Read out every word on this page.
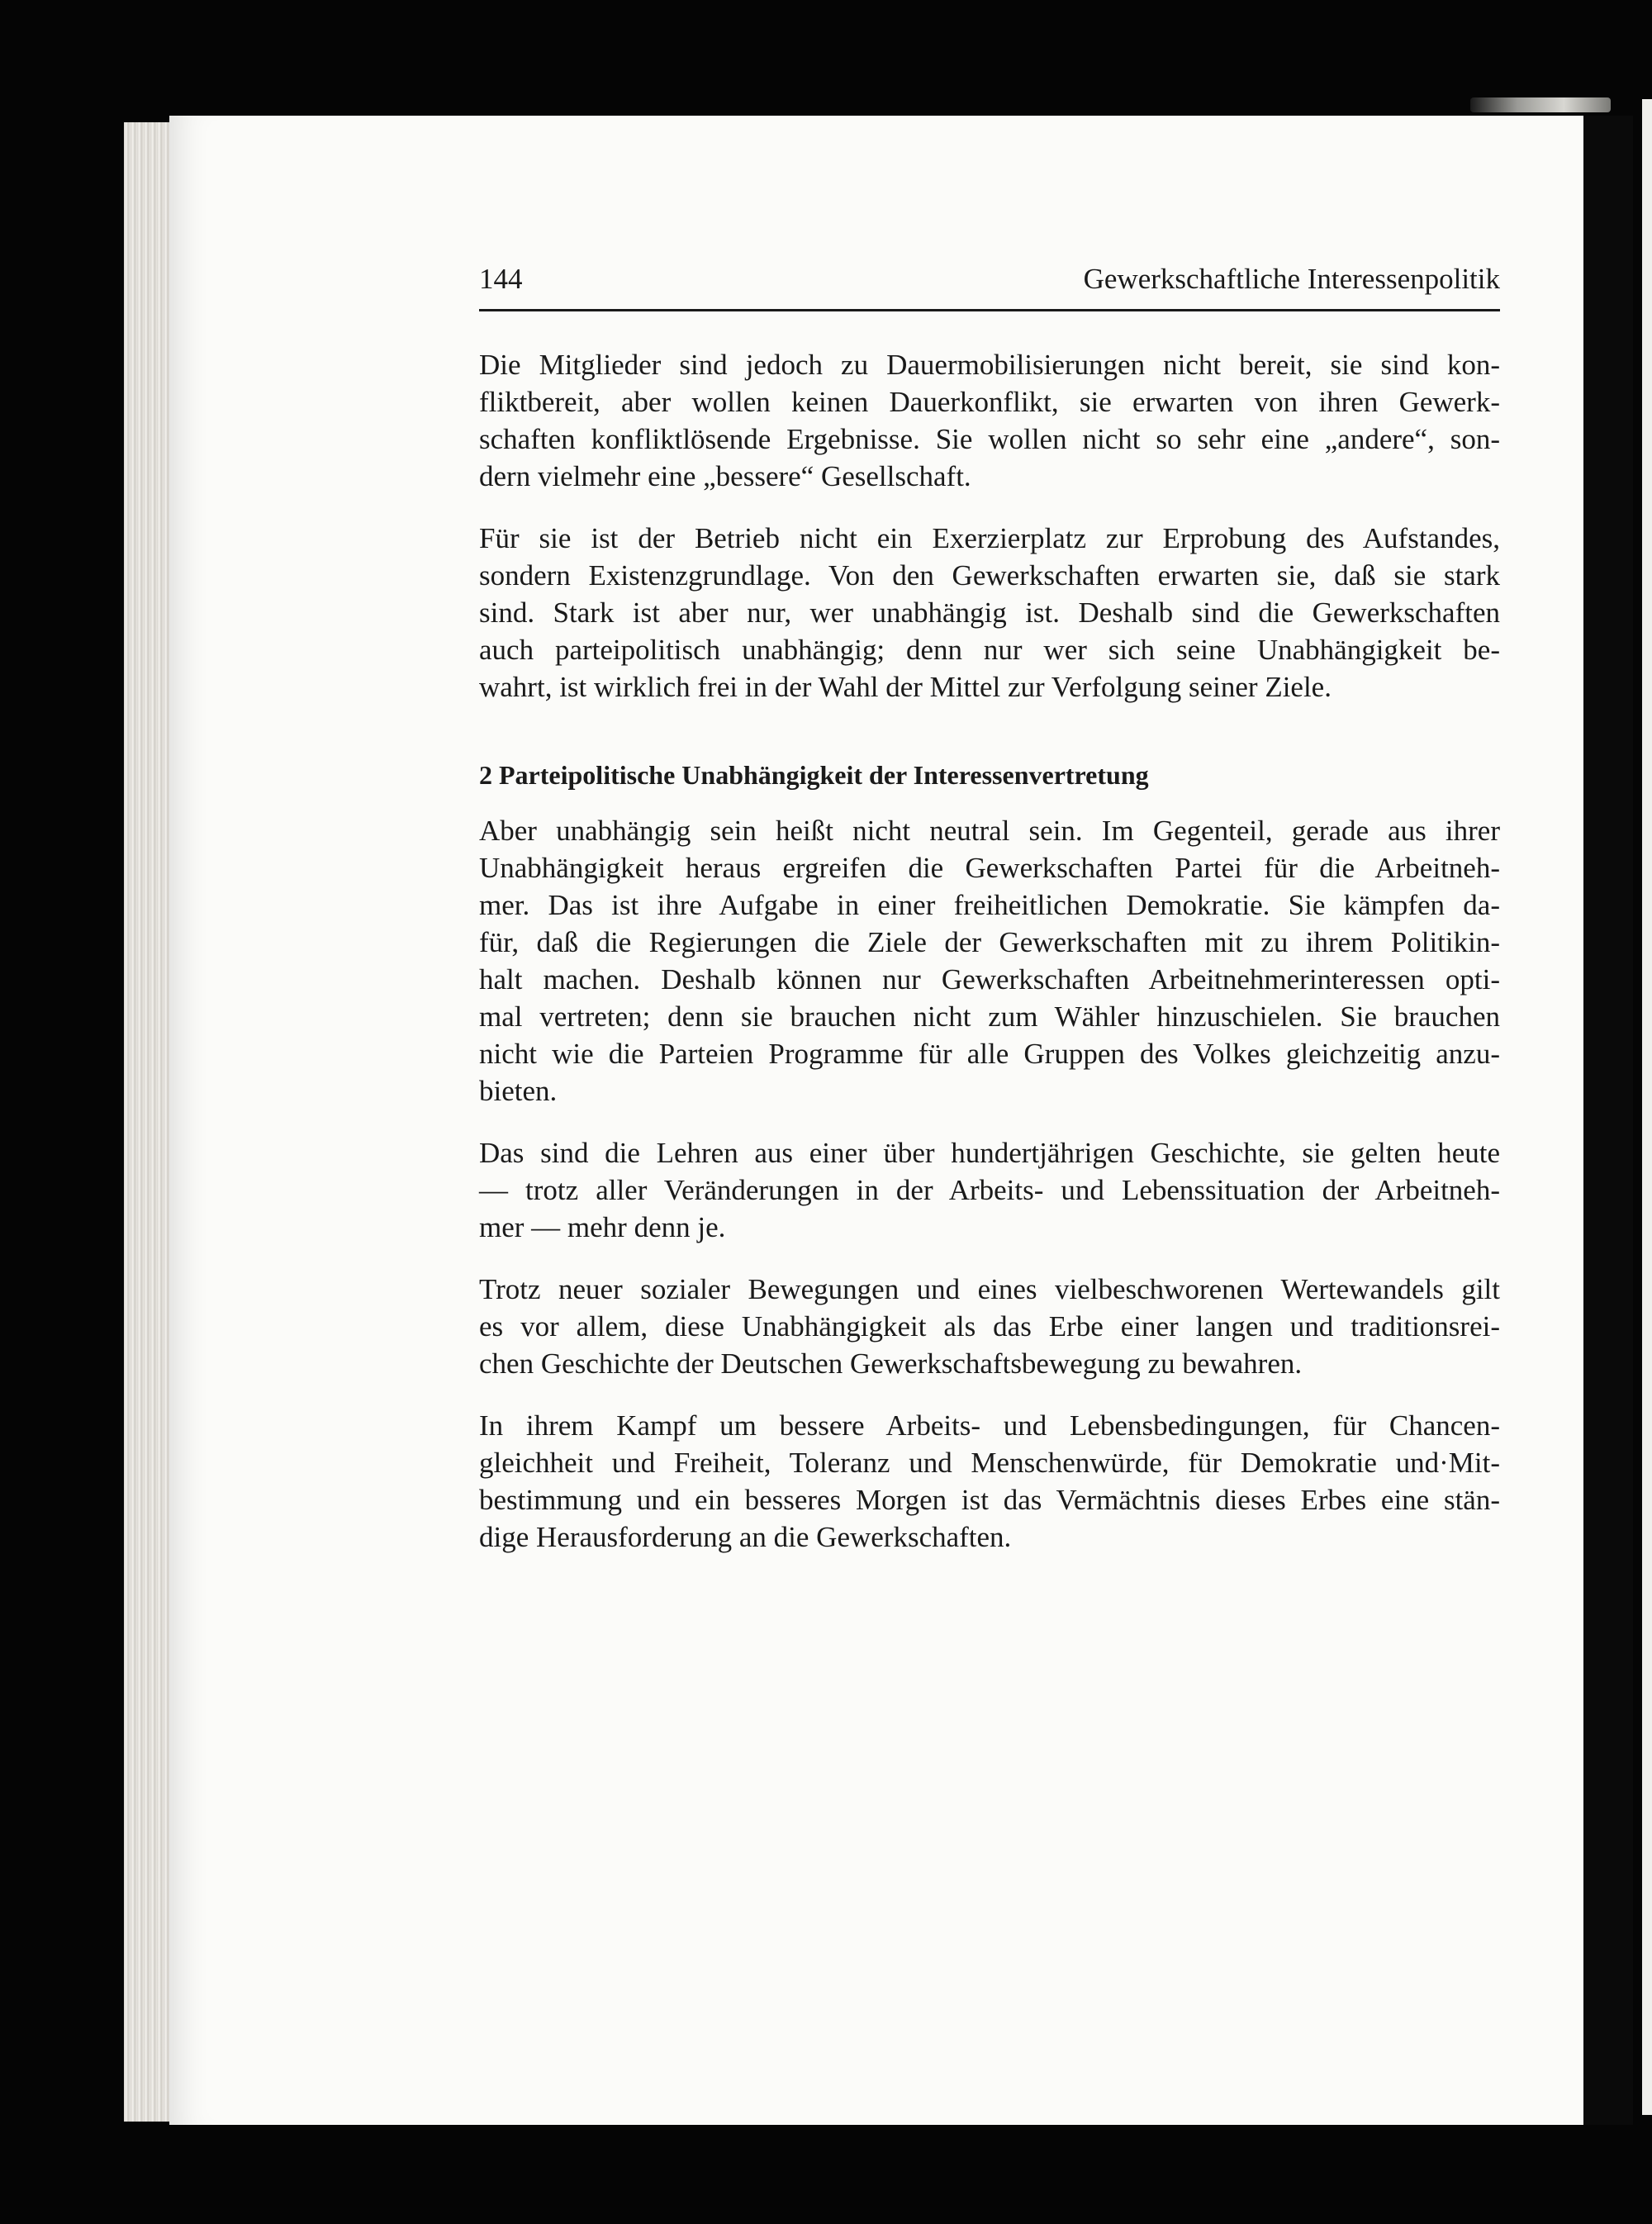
144	Gewerkschaftliche Interessenpolitik

Die Mitglieder sind jedoch zu Dauermobilisierungen nicht bereit, sie sind kon-
fliktbereit, aber wollen keinen Dauerkonflikt, sie erwarten von ihren Gewerk-
schaften konfliktlösende Ergebnisse. Sie wollen nicht so sehr eine „andere“, son-
dern vielmehr eine „bessere“ Gesellschaft.

Für sie ist der Betrieb nicht ein Exerzierplatz zur Erprobung des Aufstandes,
sondern Existenzgrundlage. Von den Gewerkschaften erwarten sie, daß sie stark
sind. Stark ist aber nur, wer unabhängig ist. Deshalb sind die Gewerkschaften
auch parteipolitisch unabhängig; denn nur wer sich seine Unabhängigkeit be-
wahrt, ist wirklich frei in der Wahl der Mittel zur Verfolgung seiner Ziele.

2 Parteipolitische Unabhängigkeit der Interessenvertretung

Aber unabhängig sein heißt nicht neutral sein. Im Gegenteil, gerade aus ihrer
Unabhängigkeit heraus ergreifen die Gewerkschaften Partei für die Arbeitneh-
mer. Das ist ihre Aufgabe in einer freiheitlichen Demokratie. Sie kämpfen da-
für, daß die Regierungen die Ziele der Gewerkschaften mit zu ihrem Politikin-
halt machen. Deshalb können nur Gewerkschaften Arbeitnehmerinteressen opti-
mal vertreten; denn sie brauchen nicht zum Wähler hinzuschielen. Sie brauchen
nicht wie die Parteien Programme für alle Gruppen des Volkes gleichzeitig anzu-
bieten.

Das sind die Lehren aus einer über hundertjährigen Geschichte, sie gelten heute
— trotz aller Veränderungen in der Arbeits- und Lebenssituation der Arbeitneh-
mer — mehr denn je.

Trotz neuer sozialer Bewegungen und eines vielbeschworenen Wertewandels gilt
es vor allem, diese Unabhängigkeit als das Erbe einer langen und traditionsrei-
chen Geschichte der Deutschen Gewerkschaftsbewegung zu bewahren.

In ihrem Kampf um bessere Arbeits- und Lebensbedingungen, für Chancen-
gleichheit und Freiheit, Toleranz und Menschenwürde, für Demokratie und·Mit-
bestimmung und ein besseres Morgen ist das Vermächtnis dieses Erbes eine stän-
dige Herausforderung an die Gewerkschaften.
